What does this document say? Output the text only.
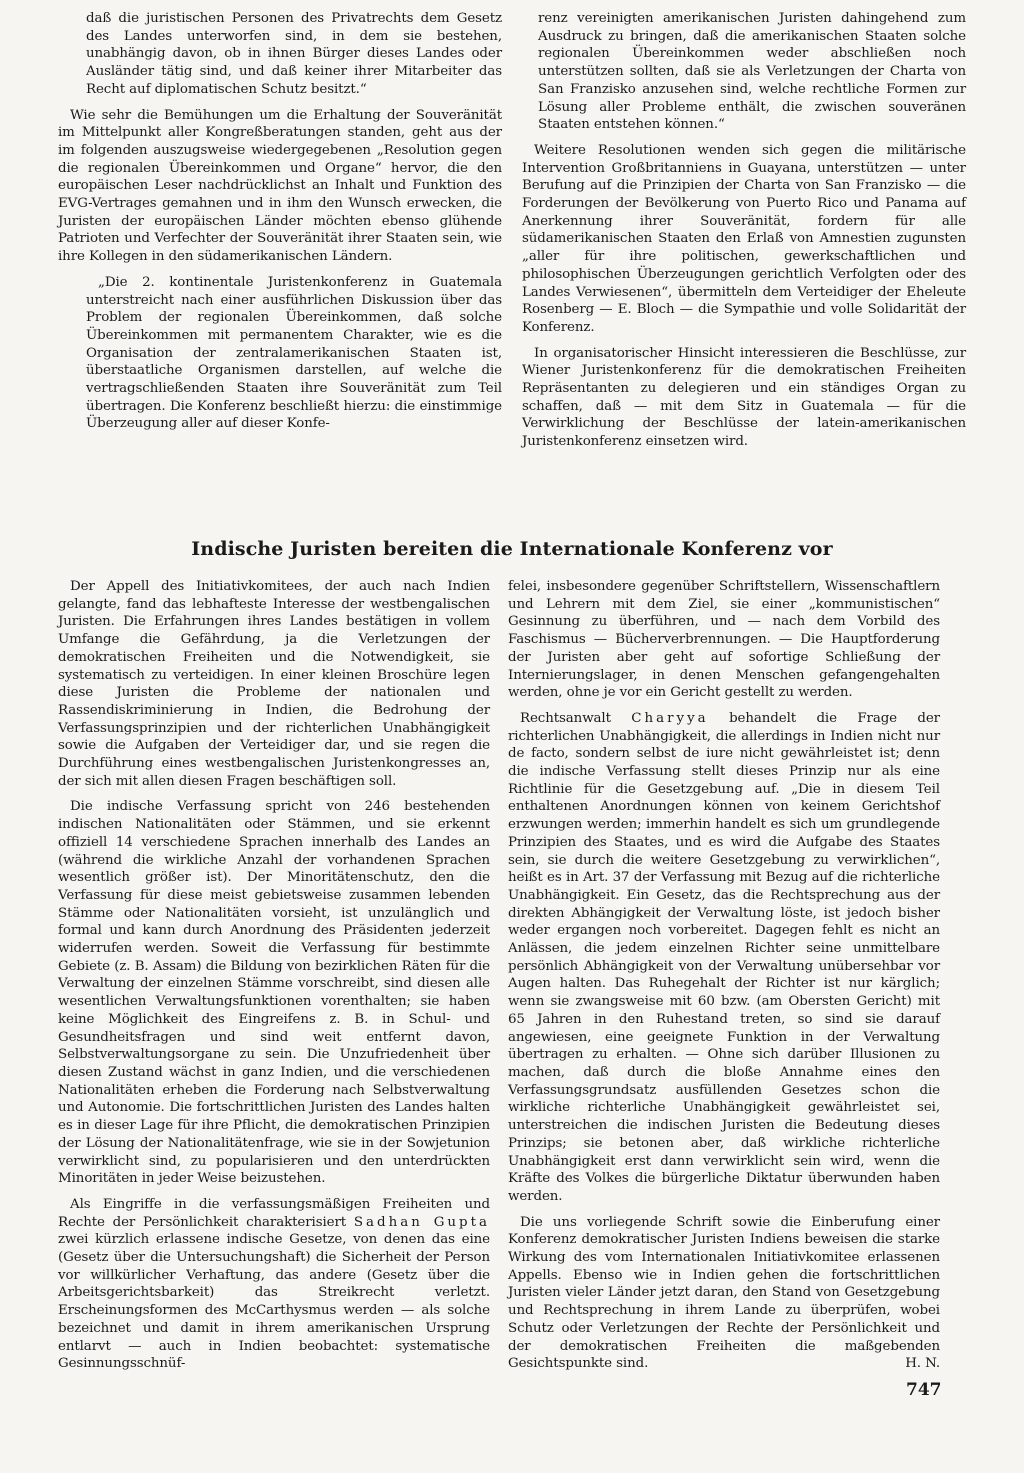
daß die juristischen Personen des Privatrechts dem Gesetz des Landes unterworfen sind, in dem sie bestehen, unabhängig davon, ob in ihnen Bürger dieses Landes oder Ausländer tätig sind, und daß keiner ihrer Mitarbeiter das Recht auf diplomatischen Schutz besitzt.“

Wie sehr die Bemühungen um die Erhaltung der Souveränität im Mittelpunkt aller Kongreßberatungen standen, geht aus der im folgenden auszugsweise wiedergegebenen „Resolution gegen die regionalen Übereinkommen und Organe“ hervor, die den europäischen Leser nachdrücklichst an Inhalt und Funktion des EVG-Vertrages gemahnen und in ihm den Wunsch erwecken, die Juristen der europäischen Länder möchten ebenso glühende Patrioten und Verfechter der Souveränität ihrer Staaten sein, wie ihre Kollegen in den südamerikanischen Ländern.

„Die 2. kontinentale Juristenkonferenz in Guatemala unterstreicht nach einer ausführlichen Diskussion über das Problem der regionalen Übereinkommen, daß solche Übereinkommen mit permanentem Charakter, wie es die Organisation der zentralamerikanischen Staaten ist, überstaatliche Organismen darstellen, auf welche die vertragschließenden Staaten ihre Souveränität zum Teil übertragen. Die Konferenz beschließt hierzu: die einstimmige Überzeugung aller auf dieser Konfe-

renz vereinigten amerikanischen Juristen dahingehend zum Ausdruck zu bringen, daß die amerikanischen Staaten solche regionalen Übereinkommen weder abschließen noch unterstützen sollten, daß sie als Verletzungen der Charta von San Franzisko anzusehen sind, welche rechtliche Formen zur Lösung aller Probleme enthält, die zwischen souveränen Staaten entstehen können.“

Weitere Resolutionen wenden sich gegen die militärische Intervention Großbritanniens in Guayana, unterstützen — unter Berufung auf die Prinzipien der Charta von San Franzisko — die Forderungen der Bevölkerung von Puerto Rico und Panama auf Anerkennung ihrer Souveränität, fordern für alle südamerikanischen Staaten den Erlaß von Amnestien zugunsten „aller für ihre politischen, gewerkschaftlichen und philosophischen Überzeugungen gerichtlich Verfolgten oder des Landes Verwiesenen“, übermitteln dem Verteidiger der Eheleute Rosenberg — E. Bloch — die Sympathie und volle Solidarität der Konferenz.

In organisatorischer Hinsicht interessieren die Beschlüsse, zur Wiener Juristenkonferenz für die demokratischen Freiheiten Repräsentanten zu delegieren und ein ständiges Organ zu schaffen, daß — mit dem Sitz in Guatemala — für die Verwirklichung der Beschlüsse der latein-amerikanischen Juristenkonferenz einsetzen wird.

Indische Juristen bereiten die Internationale Konferenz vor

Der Appell des Initiativkomitees, der auch nach Indien gelangte, fand das lebhafteste Interesse der westbengalischen Juristen. Die Erfahrungen ihres Landes bestätigen in vollem Umfange die Gefährdung, ja die Verletzungen der demokratischen Freiheiten und die Notwendigkeit, sie systematisch zu verteidigen. In einer kleinen Broschüre legen diese Juristen die Probleme der nationalen und Rassendiskriminierung in Indien, die Bedrohung der Verfassungsprinzipien und der richterlichen Unabhängigkeit sowie die Aufgaben der Verteidiger dar, und sie regen die Durchführung eines westbengalischen Juristenkongresses an, der sich mit allen diesen Fragen beschäftigen soll.

Die indische Verfassung spricht von 246 bestehenden indischen Nationalitäten oder Stämmen, und sie erkennt offiziell 14 verschiedene Sprachen innerhalb des Landes an (während die wirkliche Anzahl der vorhandenen Sprachen wesentlich größer ist). Der Minoritätenschutz, den die Verfassung für diese meist gebietsweise zusammen lebenden Stämme oder Nationalitäten vorsieht, ist unzulänglich und formal und kann durch Anordnung des Präsidenten jederzeit widerrufen werden. Soweit die Verfassung für bestimmte Gebiete (z. B. Assam) die Bildung von bezirklichen Räten für die Verwaltung der einzelnen Stämme vorschreibt, sind diesen alle wesentlichen Verwaltungsfunktionen vorenthalten; sie haben keine Möglichkeit des Eingreifens z. B. in Schul- und Gesundheitsfragen und sind weit entfernt davon, Selbstverwaltungsorgane zu sein. Die Unzufriedenheit über diesen Zustand wächst in ganz Indien, und die verschiedenen Nationalitäten erheben die Forderung nach Selbstverwaltung und Autonomie. Die fortschrittlichen Juristen des Landes halten es in dieser Lage für ihre Pflicht, die demokratischen Prinzipien der Lösung der Nationalitätenfrage, wie sie in der Sowjetunion verwirklicht sind, zu popularisieren und den unterdrückten Minoritäten in jeder Weise beizustehen.

Als Eingriffe in die verfassungsmäßigen Freiheiten und Rechte der Persönlichkeit charakterisiert Sadhan Gupta zwei kürzlich erlassene indische Gesetze, von denen das eine (Gesetz über die Untersuchungshaft) die Sicherheit der Person vor willkürlicher Verhaftung, das andere (Gesetz über die Arbeitsgerichtsbarkeit) das Streikrecht verletzt. Erscheinungsformen des McCarthysmus werden — als solche bezeichnet und damit in ihrem amerikanischen Ursprung entlarvt — auch in Indien beobachtet: systematische Gesinnungsschnüf-

felei, insbesondere gegenüber Schriftstellern, Wissenschaftlern und Lehrern mit dem Ziel, sie einer „kommunistischen“ Gesinnung zu überführen, und — nach dem Vorbild des Faschismus — Bücherverbrennungen. — Die Hauptforderung der Juristen aber geht auf sofortige Schließung der Internierungslager, in denen Menschen gefangengehalten werden, ohne je vor ein Gericht gestellt zu werden.

Rechtsanwalt Charyya behandelt die Frage der richterlichen Unabhängigkeit, die allerdings in Indien nicht nur de facto, sondern selbst de iure nicht gewährleistet ist; denn die indische Verfassung stellt dieses Prinzip nur als eine Richtlinie für die Gesetzgebung auf. „Die in diesem Teil enthaltenen Anordnungen können von keinem Gerichtshof erzwungen werden; immerhin handelt es sich um grundlegende Prinzipien des Staates, und es wird die Aufgabe des Staates sein, sie durch die weitere Gesetzgebung zu verwirklichen“, heißt es in Art. 37 der Verfassung mit Bezug auf die richterliche Unabhängigkeit. Ein Gesetz, das die Rechtsprechung aus der direkten Abhängigkeit der Verwaltung löste, ist jedoch bisher weder ergangen noch vorbereitet. Dagegen fehlt es nicht an Anlässen, die jedem einzelnen Richter seine unmittelbare persönlich Abhängigkeit von der Verwaltung unübersehbar vor Augen halten. Das Ruhegehalt der Richter ist nur kärglich; wenn sie zwangsweise mit 60 bzw. (am Obersten Gericht) mit 65 Jahren in den Ruhestand treten, so sind sie darauf angewiesen, eine geeignete Funktion in der Verwaltung übertragen zu erhalten. — Ohne sich darüber Illusionen zu machen, daß durch die bloße Annahme eines den Verfassungsgrundsatz ausfüllenden Gesetzes schon die wirkliche richterliche Unabhängigkeit gewährleistet sei, unterstreichen die indischen Juristen die Bedeutung dieses Prinzips; sie betonen aber, daß wirkliche richterliche Unabhängigkeit erst dann verwirklicht sein wird, wenn die Kräfte des Volkes die bürgerliche Diktatur überwunden haben werden.

Die uns vorliegende Schrift sowie die Einberufung einer Konferenz demokratischer Juristen Indiens beweisen die starke Wirkung des vom Internationalen Initiativkomitee erlassenen Appells. Ebenso wie in Indien gehen die fortschrittlichen Juristen vieler Länder jetzt daran, den Stand von Gesetzgebung und Rechtsprechung in ihrem Lande zu überprüfen, wobei Schutz oder Verletzungen der Rechte der Persönlichkeit und der demokratischen Freiheiten die maßgebenden Gesichtspunkte sind.	H. N.

747
